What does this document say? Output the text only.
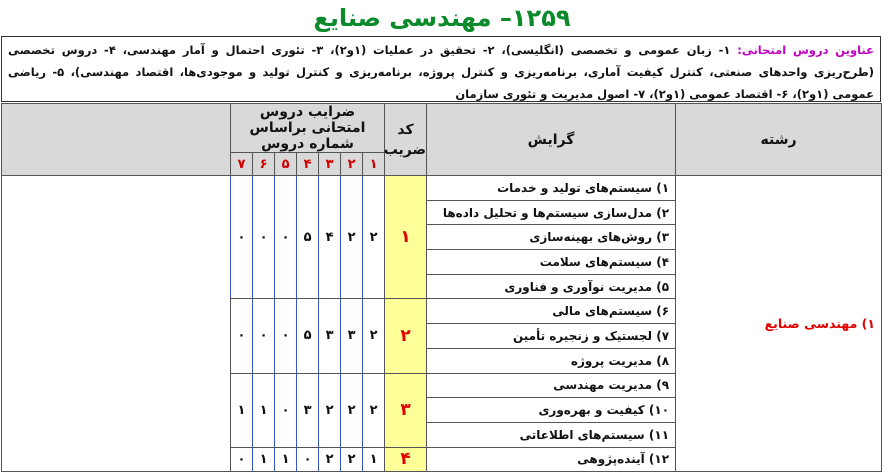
۱۲۵۹– مهندسی صنایع
عناوین دروس امتحانی: ۱- زبان عمومی و تخصصی (انگلیسی)، ۲- تحقیق در عملیات (۱و۲)، ۳- تئوری احتمال و آمار مهندسی، ۴- دروس تخصصی (طرح‌ریزی واحدهای صنعتی، کنترل کیفیت آماری، برنامه‌ریزی و کنترل پروژه، برنامه‌ریزی و کنترل تولید و موجودی‌ها، اقتصاد مهندسی)، ۵- ریاضی عمومی (۱و۲)، ۶- اقتصاد عمومی (۱و۲)، ۷- اصول مدیریت و تئوری سازمان
رشته	گرایش	کد ضریب	ضرایب دروس امتحانی براساس شماره دروس							
			۱	۲	۳	۴	۵	۶	۷	
۱) مهندسی صنایع	۱) سیستم‌های تولید و خدمات	۱	۲	۲	۴	۵	۰	۰	۰	
	۲) مدل‌سازی سیستم‌ها و تحلیل داده‌ها									
	۳) روش‌های بهینه‌سازی									
	۴) سیستم‌های سلامت									
	۵) مدیریت نوآوری و فناوری									
	۶) سیستم‌های مالی	۲	۲	۳	۳	۵	۰	۰	۰	
	۷) لجستیک و زنجیره تأمین									
	۸) مدیریت پروژه									
	۹) مدیریت مهندسی	۳	۲	۲	۲	۳	۰	۱	۱	
	۱۰) کیفیت و بهره‌وری									
	۱۱) سیستم‌های اطلاعاتی									
	۱۲) آینده‌پژوهی	۴	۱	۲	۲	۰	۱	۱	۰	
